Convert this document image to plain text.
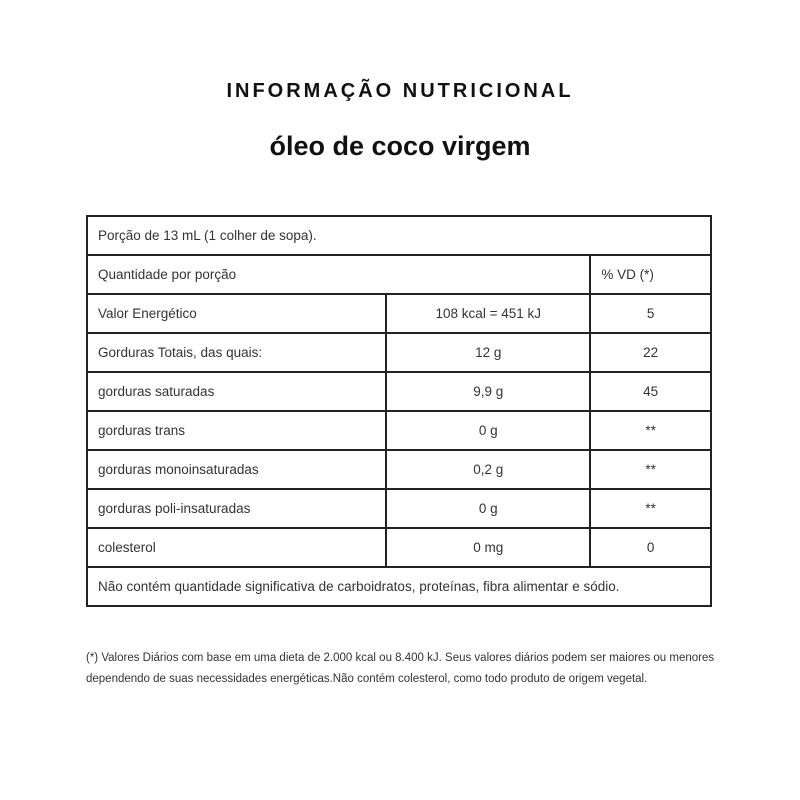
INFORMAÇÃO NUTRICIONAL
óleo de coco virgem
Porção de 13 mL (1 colher de sopa).		
Quantidade por porção		% VD (*)
Valor Energético	108 kcal = 451 kJ	5
Gorduras Totais, das quais:	12 g	22
gorduras saturadas	9,9 g	45
gorduras trans	0 g	**
gorduras monoinsaturadas	0,2 g	**
gorduras poli-insaturadas	0 g	**
colesterol	0 mg	0
Não contém quantidade significativa de carboidratos, proteínas, fibra alimentar e sódio.		
(*) Valores Diários com base em uma dieta de 2.000 kcal ou 8.400 kJ. Seus valores diários podem ser maiores ou menores dependendo de suas necessidades energéticas.Não contém colesterol, como todo produto de origem vegetal.
